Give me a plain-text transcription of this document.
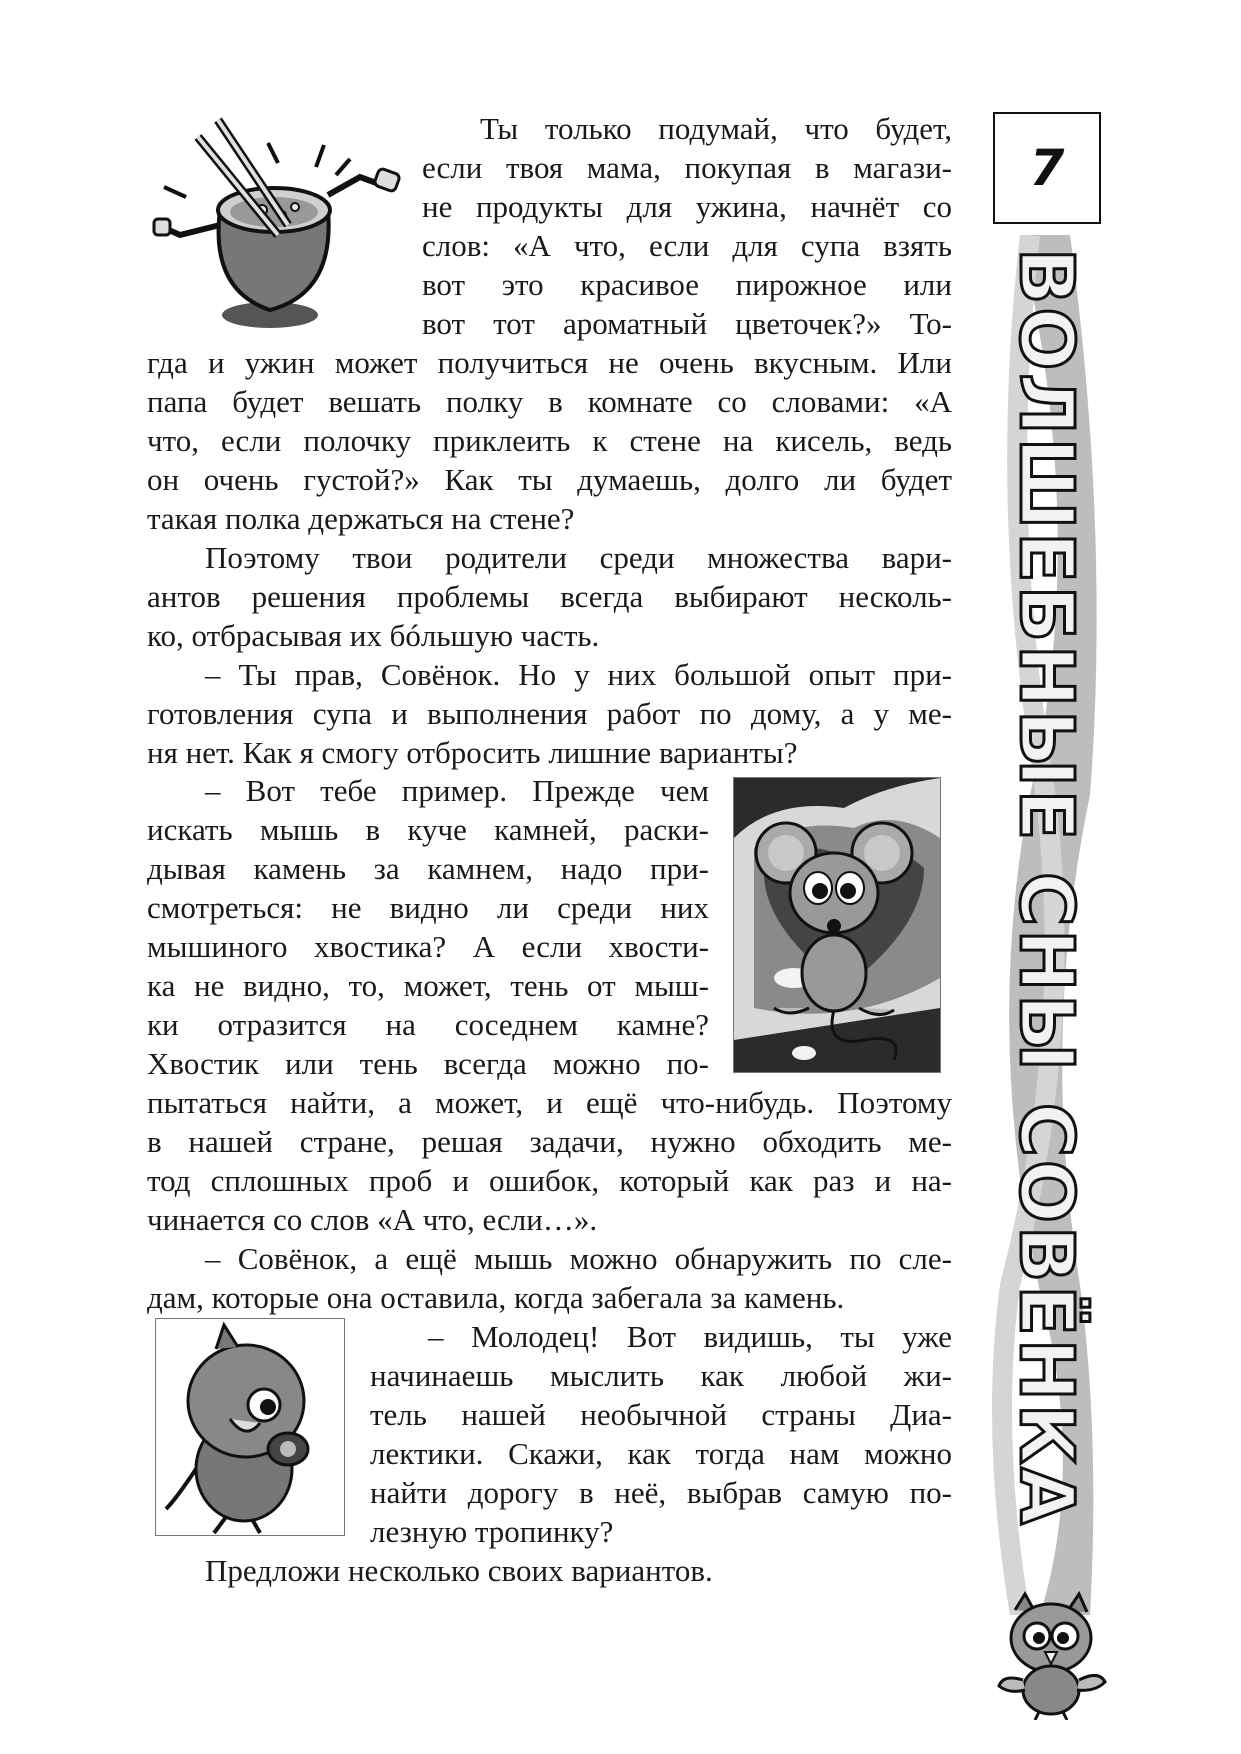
7
ВОЛШЕБНЫЕ СНЫ СОВЁНКА
Ты только подумай, что будет,
если твоя мама, покупая в магази-
не продукты для ужина, начнёт со
слов: «А что, если для супа взять
вот это красивое пирожное или
вот тот ароматный цветочек?» То-
гда и ужин может получиться не очень вкусным. Или
папа будет вешать полку в комнате со словами: «А
что, если полочку приклеить к стене на кисель, ведь
он очень густой?» Как ты думаешь, долго ли будет
такая полка держаться на стене?
Поэтому твои родители среди множества вари-
антов решения проблемы всегда выбирают несколь-
ко, отбрасывая их бóльшую часть.
– Ты прав, Совёнок. Но у них большой опыт при-
готовления супа и выполнения работ по дому, а у ме-
ня нет. Как я смогу отбросить лишние варианты?
– Вот тебе пример. Прежде чем
искать мышь в куче камней, раски-
дывая камень за камнем, надо при-
смотреться: не видно ли среди них
мышиного хвостика? А если хвости-
ка не видно, то, может, тень от мыш-
ки отразится на соседнем камне?
Хвостик или тень всегда можно по-
пытаться найти, а может, и ещё что-нибудь. Поэтому
в нашей стране, решая задачи, нужно обходить ме-
тод сплошных проб и ошибок, который как раз и на-
чинается со слов «А что, если…».
– Совёнок, а ещё мышь можно обнаружить по сле-
дам, которые она оставила, когда забегала за камень.
– Молодец! Вот видишь, ты уже
начинаешь мыслить как любой жи-
тель нашей необычной страны Диа-
лектики. Скажи, как тогда нам можно
найти дорогу в неё, выбрав самую по-
лезную тропинку?
Предложи несколько своих вариантов.
